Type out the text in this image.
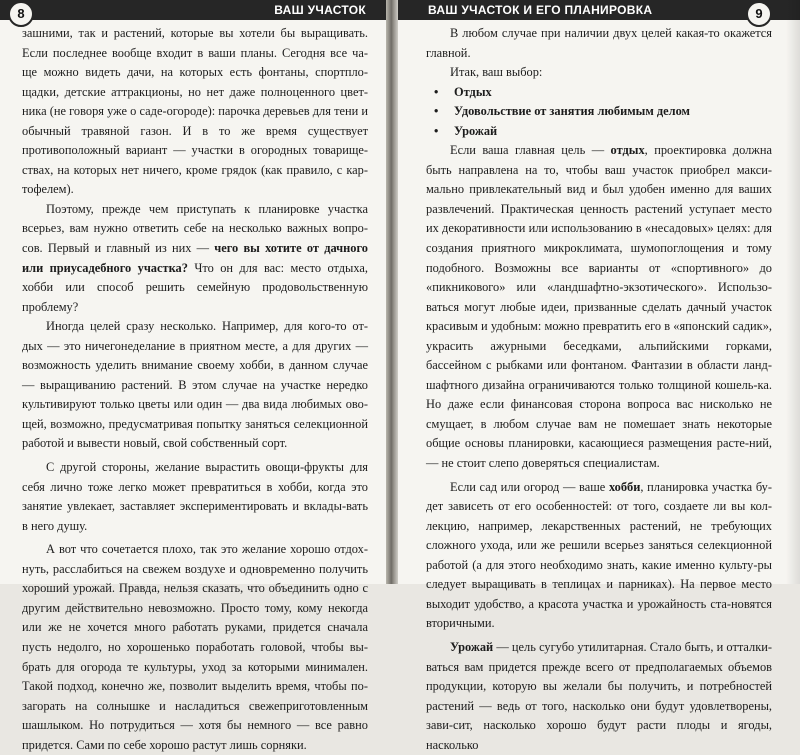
ВАШ УЧАСТОК
8

зашними, так и растений, которые вы хотели бы выращивать. Если последнее вообще входит в ваши планы. Сегодня все ча- ще можно видеть дачи, на которых есть фонтаны, спортпло- щадки, детские аттракционы, но нет даже полноценного цвет- ника (не говоря уже о саде-огороде): парочка деревьев для тени и обычный травяной газон. И в то же время существует противоположный вариант — участки в огородных товарище- ствах, на которых нет ничего, кроме грядок (как правило, с кар- тофелем).

Поэтому, прежде чем приступать к планировке участка всерьез, вам нужно ответить себе на несколько важных вопро-сов. Первый и главный из них — чего вы хотите от дачного или приусадебного участка? Что он для вас: место отдыха, хобби или способ решить семейную продовольственную проблему?

Иногда целей сразу несколько. Например, для кого-то от-дых — это ничегонеделание в приятном месте, а для других — возможность уделить внимание своему хобби, в данном случае — выращиванию растений. В этом случае на участке нередко культивируют только цветы или один — два вида любимых ово-щей, возможно, предусматривая попытку заняться селекционной работой и вывести новый, свой собственный сорт.

С другой стороны, желание вырастить овощи-фрукты для себя лично тоже легко может превратиться в хобби, когда это занятие увлекает, заставляет экспериментировать и вклады-вать в него душу.

А вот что сочетается плохо, так это желание хорошо отдох-нуть, расслабиться на свежем воздухе и одновременно получить хороший урожай. Правда, нельзя сказать, что объединить одно с другим действительно невозможно. Просто тому, кому некогда или же не хочется много работать руками, придется сначала пусть недолго, но хорошенько поработать головой, чтобы вы-брать для огорода те культуры, уход за которыми минимален. Такой подход, конечно же, позволит выделить время, чтобы по-загорать на солнышке и насладиться свежеприготовленным шашлыком. Но потрудиться — хотя бы немного — все равно придется. Сами по себе хорошо растут лишь сорняки.

ВАШ УЧАСТОК И ЕГО ПЛАНИРОВКА	9

В любом случае при наличии двух целей какая-то окажется главной.

Итак, ваш выбор:

• Отдых
• Удовольствие от занятия любимым делом
• Урожай

Если ваша главная цель — отдых, проектировка должна быть направлена на то, чтобы ваш участок приобрел макси-мально привлекательный вид и был удобен именно для ваших развлечений. Практическая ценность растений уступает место их декоративности или использованию в «несадовых» целях: для создания приятного микроклимата, шумопоглощения и тому подобного. Возможны все варианты от «спортивного» до «пикникового» или «ландшафтно-экзотического». Использо-ваться могут любые идеи, призванные сделать дачный участок красивым и удобным: можно превратить его в «японский садик», украсить ажурными беседками, альпийскими горками, бассейном с рыбками или фонтаном. Фантазии в области ланд-шафтного дизайна ограничиваются только толщиной кошель-ка. Но даже если финансовая сторона вопроса вас нисколько не смущает, в любом случае вам не помешает знать некоторые общие основы планировки, касающиеся размещения расте-ний, — не стоит слепо доверяться специалистам.

Если сад или огород — ваше хобби, планировка участка бу-дет зависеть от его особенностей: от того, создаете ли вы кол-лекцию, например, лекарственных растений, не требующих сложного ухода, или же решили всерьез заняться селекционной работой (а для этого необходимо знать, какие именно культу-ры следует выращивать в теплицах и парниках). На первое место выходит удобство, а красота участка и урожайность ста-новятся вторичными.

Урожай — цель сугубо утилитарная. Стало быть, и отталки-ваться вам придется прежде всего от предполагаемых объемов продукции, которую вы желали бы получить, и потребностей растений — ведь от того, насколько они будут удовлетворены, зави-сит, насколько хорошо будут расти плоды и ягоды, насколько
